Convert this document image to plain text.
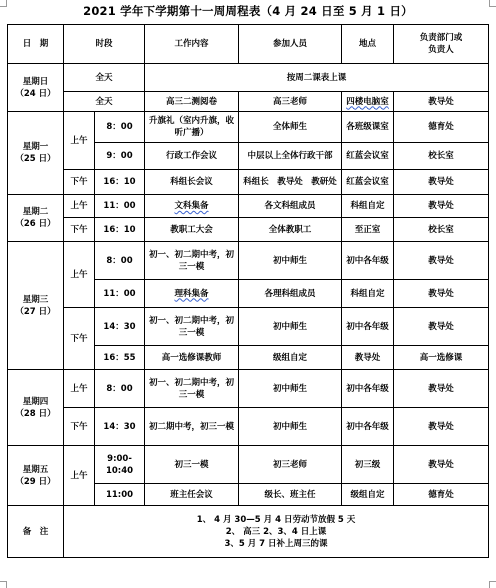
2021 学年下学期第十一周周程表（4 月 24 日至 5 月 1 日）
日　期	时段		工作内容	参加人员	地点	负责部门或
负责人
星期日
（24 日）	全天		按周二课表上课			
	全天		高三二测阅卷	高三老师	四楼电脑室	教导处
星期一
（25 日）	上午	8：00	升旗礼（室内升旗，收听广播）	全体师生	各班级课室	德育处
		9：00	行政工作会议	中层以上全体行政干部	红蓝会议室	校长室
	下午	16：10	科组长会议	科组长　教导处　教研处	红蓝会议室	教导处
星期二
（26 日）	上午	11：00	文科集备	各文科组成员	科组自定	教导处
	下午	16：10	教职工大会	全体教职工	至正室	校长室
星期三
（27 日）	上午	8：00	初一、初二期中考，初三一模	初中师生	初中各年级	教导处
		11：00	理科集备	各理科组成员	科组自定	教导处
	下午	14：30	初一、初二期中考，初三一模	初中师生	初中各年级	教导处
		16：55	高一选修课教师	级组自定	教导处	高一选修课
星期四
（28 日）	上午	8：00	初一、初二期中考，初三一模	初中师生	初中各年级	教导处
	下午	14：30	初二期中考，初三一模	初中师生	初中各年级	教导处
星期五
（29 日）	上午	9:00-10:40	初三一模	初三老师	初三级	教导处
		11:00	班主任会议	级长、班主任	级组自定	德育处
备　注	1、 4 月 30—5 月 4 日劳动节放假 5 天
2、 高三 2、3、4 日上课
3、5 月 7 日补上周三的课					
